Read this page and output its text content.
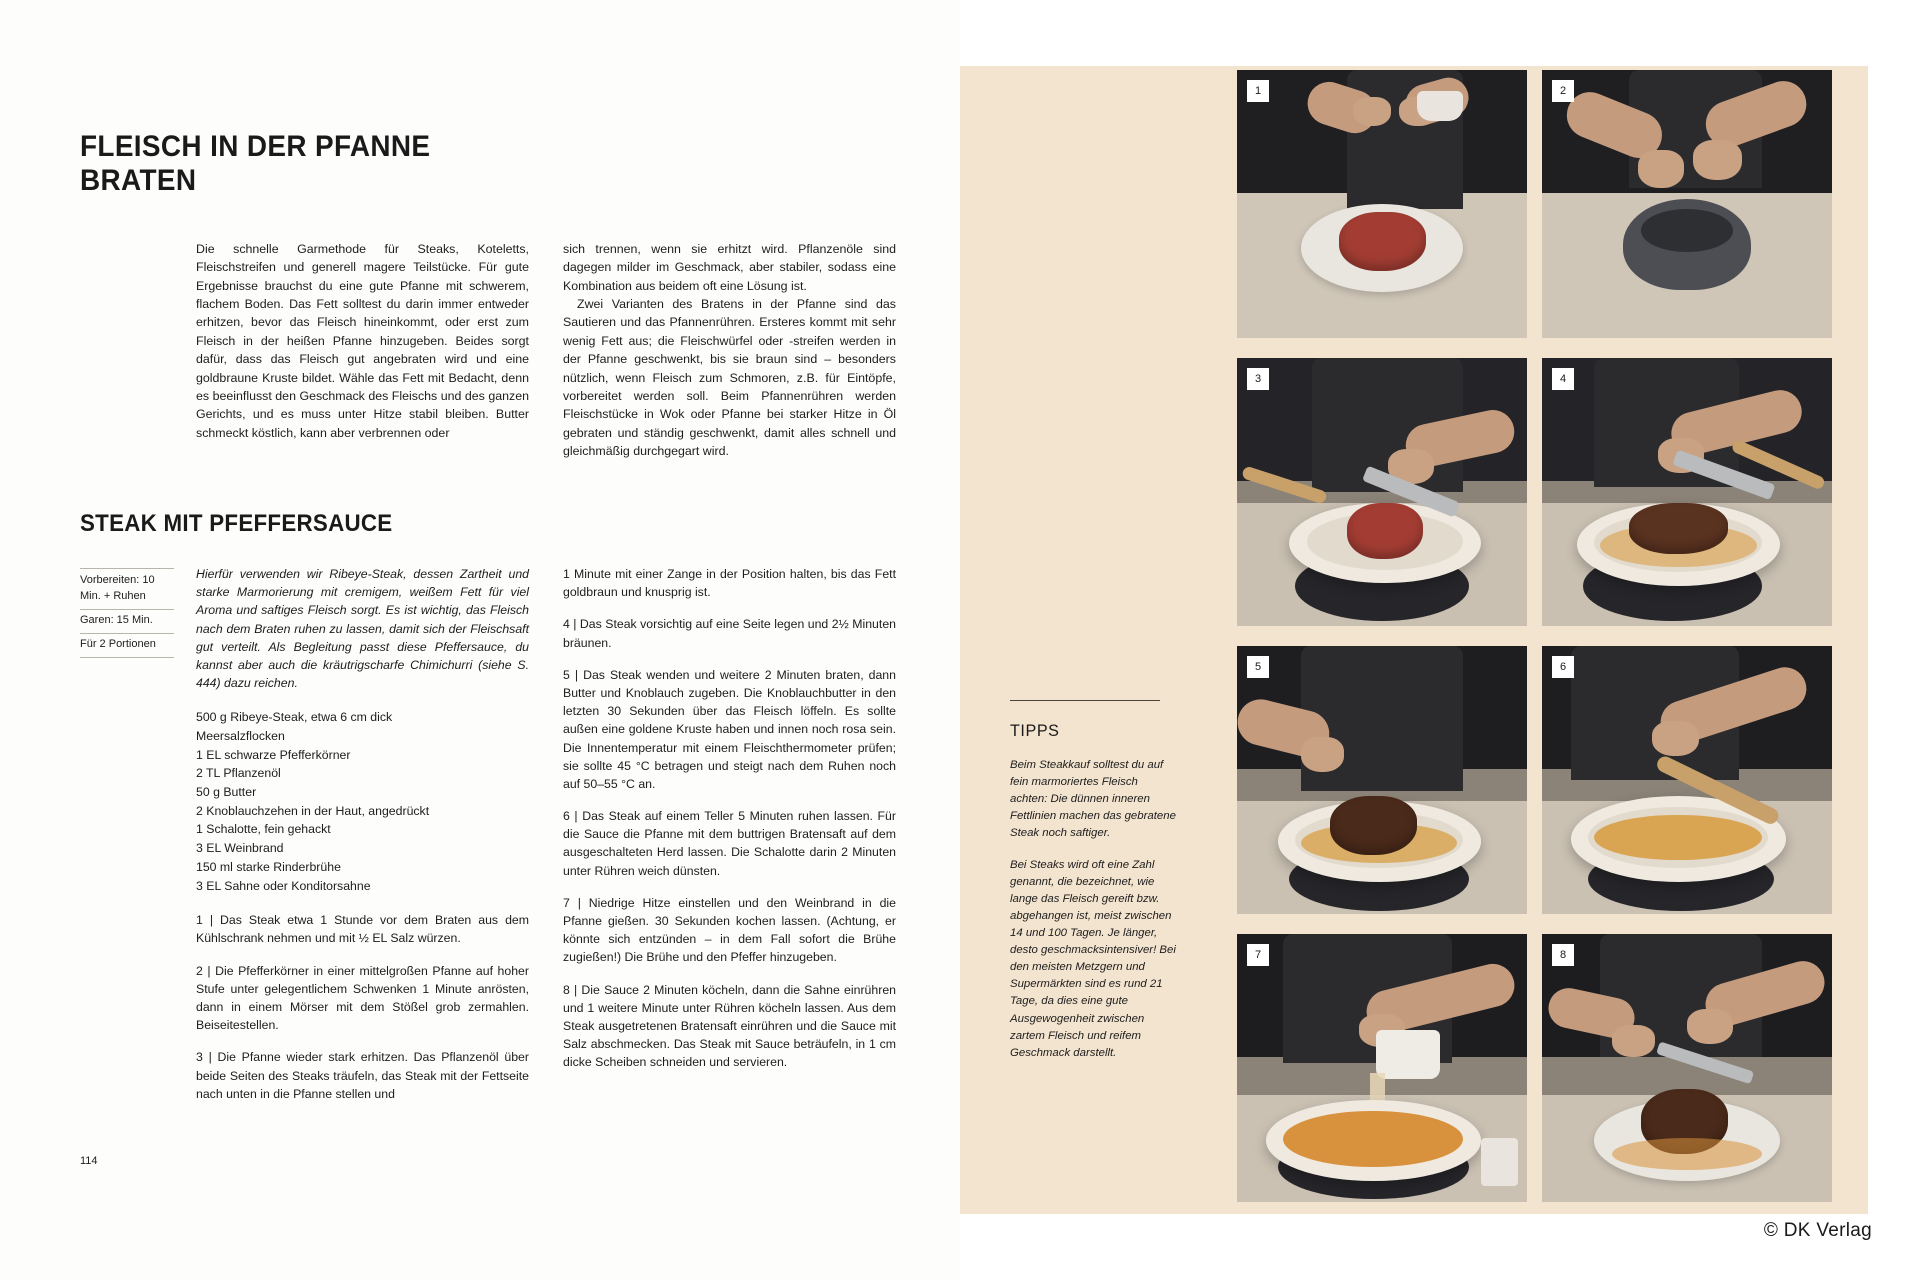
FLEISCH IN DER PFANNE BRATEN

Die schnelle Garmethode für Steaks, Koteletts, Fleischstreifen und generell magere Teilstücke. Für gute Ergebnisse brauchst du eine gute Pfanne mit schwerem, flachem Boden. Das Fett solltest du darin immer entweder erhitzen, bevor das Fleisch hineinkommt, oder erst zum Fleisch in der heißen Pfanne hinzugeben. Beides sorgt dafür, dass das Fleisch gut angebraten wird und eine goldbraune Kruste bildet. Wähle das Fett mit Bedacht, denn es beeinflusst den Geschmack des Fleischs und des ganzen Gerichts, und es muss unter Hitze stabil bleiben. Butter schmeckt köstlich, kann aber verbrennen oder

sich trennen, wenn sie erhitzt wird. Pflanzenöle sind dagegen milder im Geschmack, aber stabiler, sodass eine Kombination aus beidem oft eine Lösung ist.

Zwei Varianten des Bratens in der Pfanne sind das Sautieren und das Pfannenrühren. Ersteres kommt mit sehr wenig Fett aus; die Fleischwürfel oder -streifen werden in der Pfanne geschwenkt, bis sie braun sind – besonders nützlich, wenn Fleisch zum Schmoren, z.B. für Eintöpfe, vorbereitet werden soll. Beim Pfannenrühren werden Fleischstücke in Wok oder Pfanne bei starker Hitze in Öl gebraten und ständig geschwenkt, damit alles schnell und gleichmäßig durchgegart wird.

STEAK MIT PFEFFERSAUCE
Vorbereiten: 10 Min. + Ruhen
Garen: 15 Min.
Für 2 Portionen

Hierfür verwenden wir Ribeye-Steak, dessen Zartheit und starke Marmorierung mit cremigem, weißem Fett für viel Aroma und saftiges Fleisch sorgt. Es ist wichtig, das Fleisch nach dem Braten ruhen zu lassen, damit sich der Fleischsaft gut verteilt. Als Begleitung passt diese Pfeffersauce, du kannst aber auch die kräutrigscharfe Chimichurri (siehe S. 444) dazu reichen.

500 g Ribeye-Steak, etwa 6 cm dick
Meersalzflocken
1 EL schwarze Pfefferkörner
2 TL Pflanzenöl
50 g Butter
2 Knoblauchzehen in der Haut, angedrückt
1 Schalotte, fein gehackt
3 EL Weinbrand
150 ml starke Rinderbrühe
3 EL Sahne oder Konditorsahne

1 | Das Steak etwa 1 Stunde vor dem Braten aus dem Kühlschrank nehmen und mit ½ EL Salz würzen.

2 | Die Pfefferkörner in einer mittelgroßen Pfanne auf hoher Stufe unter gelegentlichem Schwenken 1 Minute anrösten, dann in einem Mörser mit dem Stößel grob zermahlen. Beiseitestellen.

3 | Die Pfanne wieder stark erhitzen. Das Pflanzenöl über beide Seiten des Steaks träufeln, das Steak mit der Fettseite nach unten in die Pfanne stellen und

1 Minute mit einer Zange in der Position halten, bis das Fett goldbraun und knusprig ist.

4 | Das Steak vorsichtig auf eine Seite legen und 2½ Minuten bräunen.

5 | Das Steak wenden und weitere 2 Minuten braten, dann Butter und Knoblauch zugeben. Die Knoblauchbutter in den letzten 30 Sekunden über das Fleisch löffeln. Es sollte außen eine goldene Kruste haben und innen noch rosa sein. Die Innentemperatur mit einem Fleischthermometer prüfen; sie sollte 45 °C betragen und steigt nach dem Ruhen noch auf 50–55 °C an.

6 | Das Steak auf einem Teller 5 Minuten ruhen lassen. Für die Sauce die Pfanne mit dem buttrigen Bratensaft auf dem ausgeschalteten Herd lassen. Die Schalotte darin 2 Minuten unter Rühren weich dünsten.

7 | Niedrige Hitze einstellen und den Weinbrand in die Pfanne gießen. 30 Sekunden kochen lassen. (Achtung, er könnte sich entzünden – in dem Fall sofort die Brühe zugießen!) Die Brühe und den Pfeffer hinzugeben.

8 | Die Sauce 2 Minuten köcheln, dann die Sahne einrühren und 1 weitere Minute unter Rühren köcheln lassen. Aus dem Steak ausgetretenen Bratensaft einrühren und die Sauce mit Salz abschmecken. Das Steak mit Sauce beträufeln, in 1 cm dicke Scheiben schneiden und servieren.

114
1	2
3	4
5	6
7	8
TIPPS

Beim Steakkauf solltest du auf fein marmoriertes Fleisch achten: Die dünnen inneren Fettlinien machen das gebratene Steak noch saftiger.

Bei Steaks wird oft eine Zahl genannt, die bezeichnet, wie lange das Fleisch gereift bzw. abgehangen ist, meist zwischen 14 und 100 Tagen. Je länger, desto geschmacksintensiver! Bei den meisten Metzgern und Supermärkten sind es rund 21 Tage, da dies eine gute Ausgewogenheit zwischen zartem Fleisch und reifem Geschmack darstellt.

© DK Verlag
